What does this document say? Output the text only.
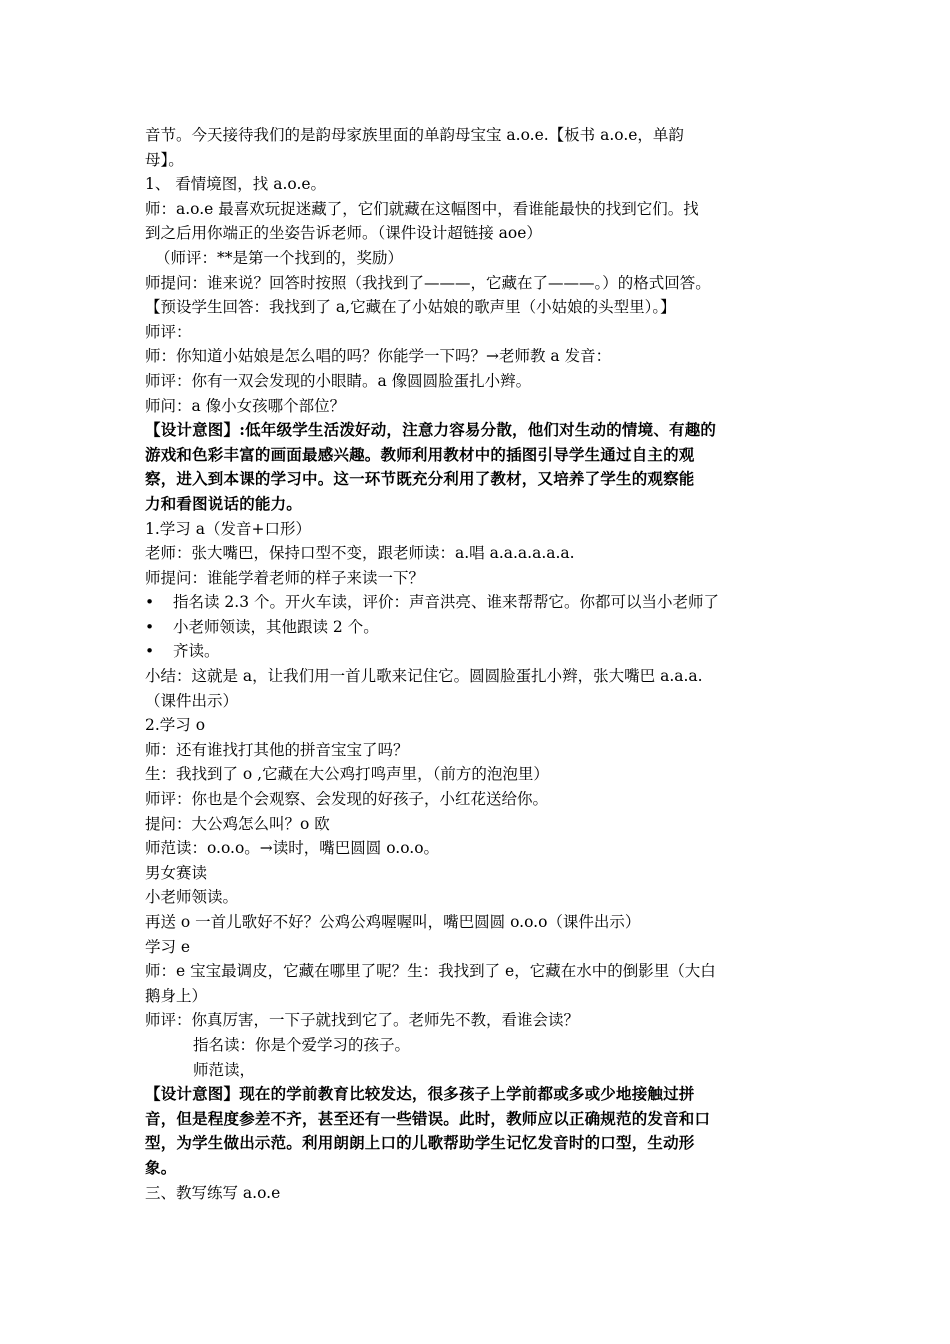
音节。今天接待我们的是韵母家族里面的单韵母宝宝 a.o.e.【板书 a.o.e，单韵
母】。
1、 看情境图，找 a.o.e。
师：a.o.e 最喜欢玩捉迷藏了，它们就藏在这幅图中，看谁能最快的找到它们。找
到之后用你端正的坐姿告诉老师。（课件设计超链接 aoe）
（师评：**是第一个找到的，奖励）
师提问：谁来说？回答时按照（我找到了———，它藏在了———。）的格式回答。
【预设学生回答：我找到了 a,它藏在了小姑娘的歌声里（小姑娘的头型里）。】
师评：
师：你知道小姑娘是怎么唱的吗？你能学一下吗？→老师教 a 发音：
师评：你有一双会发现的小眼睛。a 像圆圆脸蛋扎小辫。
师问：a 像小女孩哪个部位？
【设计意图】:低年级学生活泼好动，注意力容易分散，他们对生动的情境、有趣的
游戏和色彩丰富的画面最感兴趣。教师利用教材中的插图引导学生通过自主的观
察，进入到本课的学习中。这一环节既充分利用了教材，又培养了学生的观察能
力和看图说话的能力。
1.学习 a（发音+口形）
老师：张大嘴巴，保持口型不变，跟老师读：a.唱 a.a.a.a.a.a.
师提问：谁能学着老师的样子来读一下？
•指名读 2.3 个。开火车读，评价：声音洪亮、谁来帮帮它。你都可以当小老师了
•小老师领读，其他跟读 2 个。
•齐读。
小结：这就是 a，让我们用一首儿歌来记住它。圆圆脸蛋扎小辫，张大嘴巴 a.a.a.
（课件出示）
2.学习 o
师：还有谁找打其他的拼音宝宝了吗？
生：我找到了 o ,它藏在大公鸡打鸣声里，（前方的泡泡里）
师评：你也是个会观察、会发现的好孩子，小红花送给你。
提问：大公鸡怎么叫？o 欧
师范读：o.o.o。→读时，嘴巴圆圆 o.o.o。
男女赛读
小老师领读。
再送 o 一首儿歌好不好？公鸡公鸡喔喔叫，嘴巴圆圆 o.o.o（课件出示）
学习 e
师：e 宝宝最调皮，它藏在哪里了呢？生：我找到了 e，它藏在水中的倒影里（大白
鹅身上）
师评：你真厉害，一下子就找到它了。老师先不教，看谁会读？
指名读：你是个爱学习的孩子。
师范读，
【设计意图】现在的学前教育比较发达，很多孩子上学前都或多或少地接触过拼
音，但是程度参差不齐，甚至还有一些错误。此时，教师应以正确规范的发音和口
型，为学生做出示范。利用朗朗上口的儿歌帮助学生记忆发音时的口型，生动形
象。
三、教写练写 a.o.e
